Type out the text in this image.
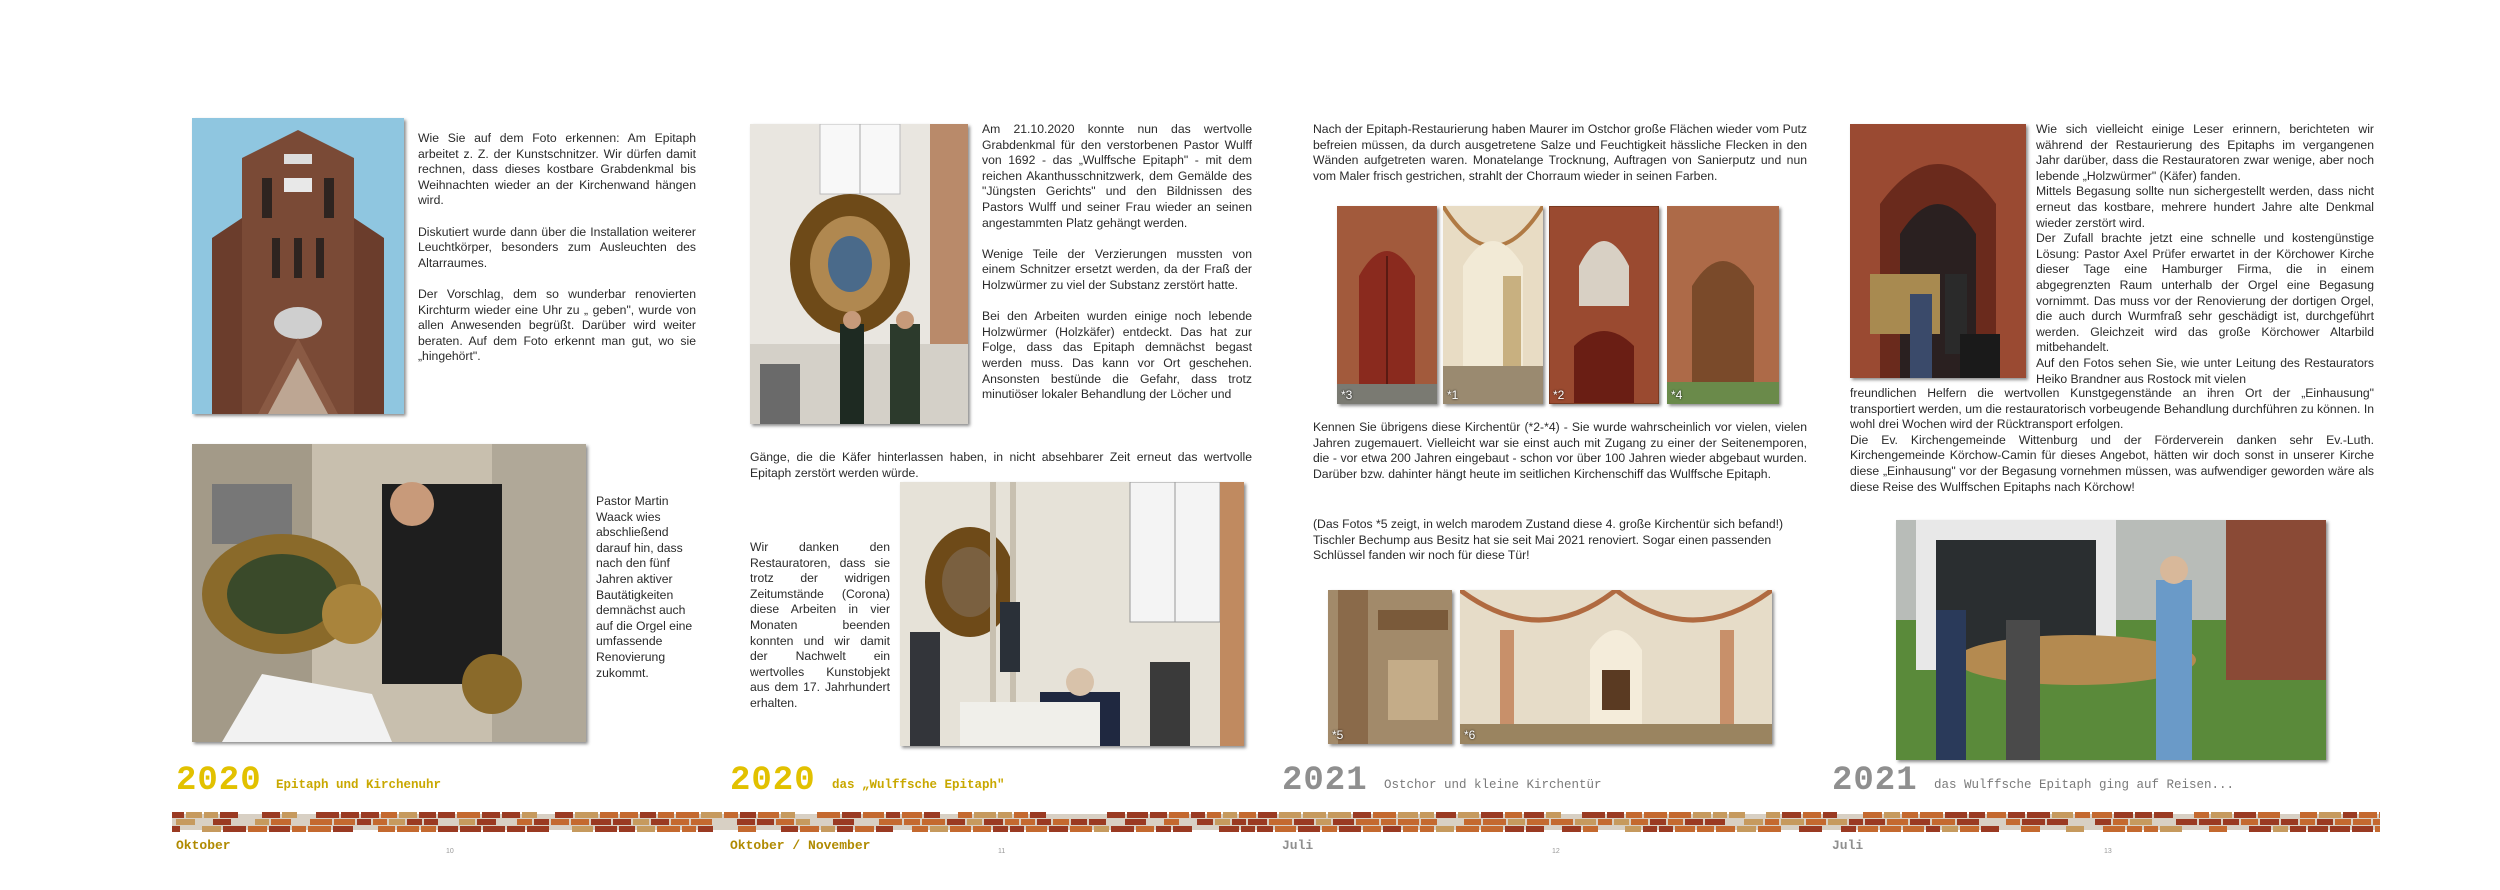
Wie Sie auf dem Foto erkennen: Am Epitaph arbeitet z. Z. der Kunstschnitzer. Wir dürfen damit rechnen, dass dieses kostbare Grabdenkmal bis Weihnachten wieder an der Kirchenwand hängen wird.

Diskutiert wurde dann über die Installation weiterer Leuchtkörper, besonders zum Ausleuchten des Altarraumes.

Der Vorschlag, dem so wunderbar renovierten Kirchturm wieder eine Uhr zu „ geben", wurde von allen Anwesenden begrüßt. Darüber wird weiter beraten. Auf dem Foto erkennt man gut, wo sie „hingehört".
Pastor Martin Waack wies abschließend darauf hin, dass nach den fünf Jahren aktiver Bautätigkeiten demnächst auch auf die Orgel eine umfassende Renovierung zukommt.
Am 21.10.2020 konnte nun das wertvolle Grabdenkmal für den verstorbenen Pastor Wulff von 1692 - das „Wulffsche Epitaph" - mit dem reichen Akanthusschnitzwerk, dem Gemälde des "Jüngsten Gerichts" und den Bildnissen des Pastors Wulff und seiner Frau wieder an seinen angestammten Platz gehängt werden.

Wenige Teile der Verzierungen mussten von einem Schnitzer ersetzt werden, da der Fraß der Holzwürmer zu viel der Substanz zerstört hatte.

Bei den Arbeiten wurden einige noch lebende Holzwürmer (Holzkäfer) entdeckt. Das hat zur Folge, dass das Epitaph demnächst begast werden muss. Das kann vor Ort geschehen. Ansonsten bestünde die Gefahr, dass trotz minutiöser lokaler Behandlung der Löcher und
Gänge, die die Käfer hinterlassen haben, in nicht absehbarer Zeit erneut das wertvolle Epitaph zerstört werden würde.
Wir danken den Restauratoren, dass sie trotz der widrigen Zeitumstände (Corona) diese Arbeiten in vier Monaten beenden konnten und wir damit der Nachwelt ein wertvolles Kunstobjekt aus dem 17. Jahrhundert erhalten.
Nach der Epitaph-Restaurierung haben Maurer im Ostchor große Flächen wieder vom Putz befreien müssen, da durch ausgetretene Salze und Feuchtigkeit hässliche Flecken in den Wänden aufgetreten waren. Monatelange Trocknung, Auftragen von Sanierputz und nun vom Maler frisch gestrichen, strahlt der Chorraum wieder in seinen Farben.
*3	*1	*2	*4
Kennen Sie übrigens diese Kirchentür (*2-*4) - Sie wurde wahrscheinlich vor vielen, vielen Jahren zugemauert. Vielleicht war sie einst auch mit Zugang zu einer der Seitenemporen, die - vor etwa 200 Jahren eingebaut - schon vor über 100 Jahren wieder abgebaut wurden. Darüber bzw. dahinter hängt heute im seitlichen Kirchenschiff das Wulffsche Epitaph.
(Das Fotos *5 zeigt, in welch marodem Zustand diese 4. große Kirchentür sich befand!)
Tischler Bechump aus Besitz hat sie seit Mai 2021 renoviert. Sogar einen passenden Schlüssel fanden wir noch für diese Tür!
*5	*6
Wie sich vielleicht einige Leser erinnern, berichteten wir während der Restaurierung des Epitaphs im vergangenen Jahr darüber, dass die Restauratoren zwar wenige, aber noch lebende „Holzwürmer" (Käfer) fanden.
Mittels Begasung sollte nun sichergestellt werden, dass nicht erneut das kostbare, mehrere hundert Jahre alte Denkmal wieder zerstört wird.
Der Zufall brachte jetzt eine schnelle und kostengünstige Lösung: Pastor Axel Prüfer erwartet in der Körchower Kirche dieser Tage eine Hamburger Firma, die in einem abgegrenzten Raum unterhalb der Orgel eine Begasung vornimmt. Das muss vor der Renovierung der dortigen Orgel, die auch durch Wurmfraß sehr geschädigt ist, durchgeführt werden. Gleichzeit wird das große Körchower Altarbild mitbehandelt.
Auf den Fotos sehen Sie, wie unter Leitung des Restaurators Heiko Brandner aus Rostock mit vielen
freundlichen Helfern die wertvollen Kunstgegenstände an ihren Ort der „Einhausung" transportiert werden, um die restauratorisch vorbeugende Behandlung durchführen zu können. In wohl drei Wochen wird der Rücktransport erfolgen.
Die Ev. Kirchengemeinde Wittenburg und der Förderverein danken sehr Ev.-Luth. Kirchengemeinde Körchow-Camin für dieses Angebot, hätten wir doch sonst in unserer Kirche diese „Einhausung" vor der Begasung vornehmen müssen, was aufwendiger geworden wäre als diese Reise des Wulffschen Epitaphs nach Körchow!
2020 Epitaph und Kirchenuhr	2020 das „Wulffsche Epitaph"	2021 Ostchor und kleine Kirchentür	2021 das Wulffsche Epitaph ging auf Reisen...
Oktober	Oktober / November	Juli	Juli
10	11	12	13
